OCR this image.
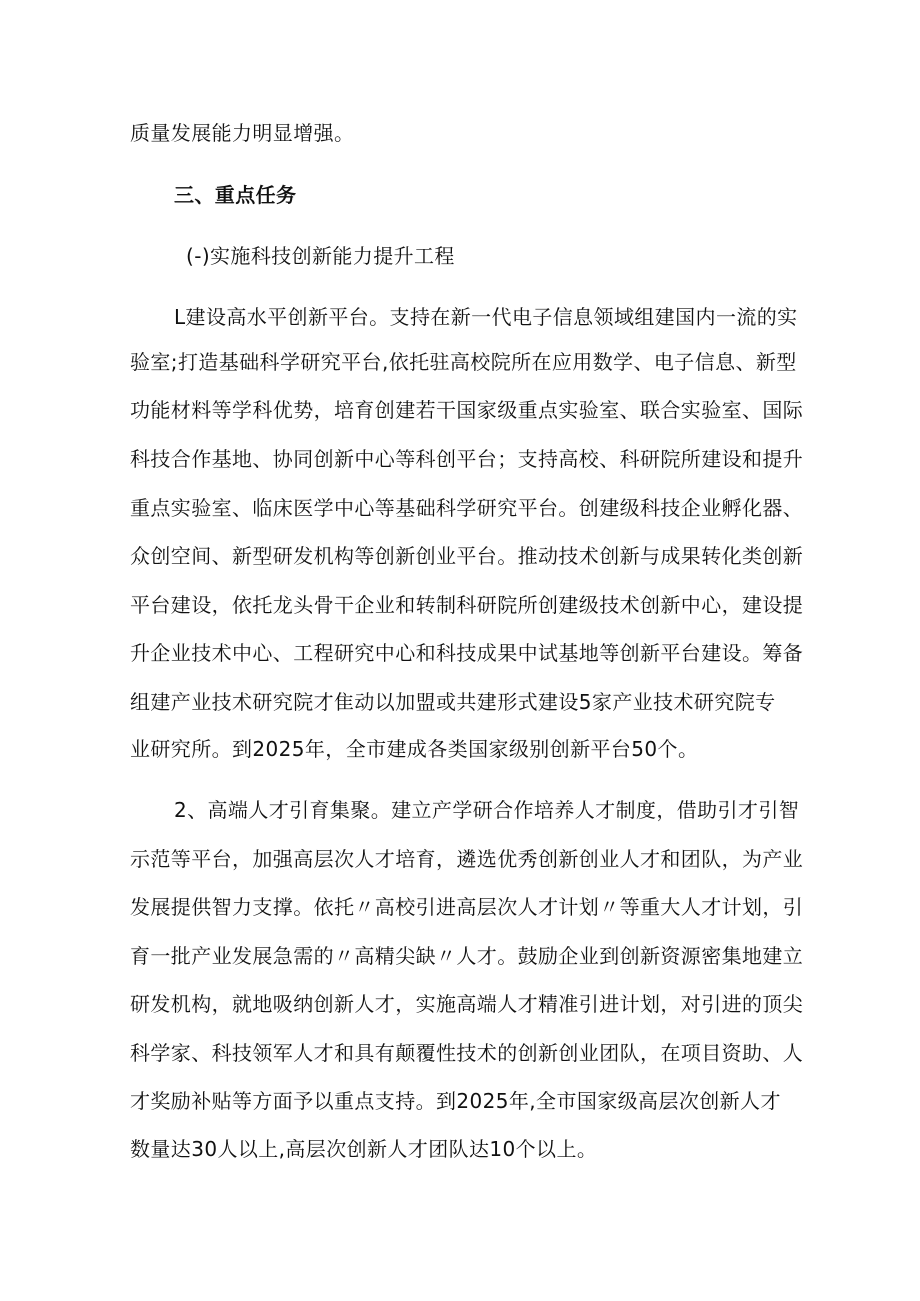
质量发展能力明显增强。
三、重点任务
(-)实施科技创新能力提升工程
L建设高水平创新平台。支持在新一代电子信息领域组建国内一流的实
验室;打造基础科学研究平台,依托驻高校院所在应用数学、电子信息、新型
功能材料等学科优势，培育创建若干国家级重点实验室、联合实验室、国际
科技合作基地、协同创新中心等科创平台；支持高校、科研院所建设和提升
重点实验室、临床医学中心等基础科学研究平台。创建级科技企业孵化器、
众创空间、新型研发机构等创新创业平台。推动技术创新与成果转化类创新
平台建设，依托龙头骨干企业和转制科研院所创建级技术创新中心，建设提
升企业技术中心、工程研究中心和科技成果中试基地等创新平台建设。筹备
组建产业技术研究院才隹动以加盟或共建形式建设5家产业技术研究院专
业研究所。到2025年，全市建成各类国家级别创新平台50个。
2、高端人才引育集聚。建立产学研合作培养人才制度，借助引才引智
示范等平台，加强高层次人才培育，遴选优秀创新创业人才和团队，为产业
发展提供智力支撑。依托〃高校引进高层次人才计划〃等重大人才计划，引
育一批产业发展急需的〃高精尖缺〃人才。鼓励企业到创新资源密集地建立
研发机构，就地吸纳创新人才，实施高端人才精准引进计划，对引进的顶尖
科学家、科技领军人才和具有颠覆性技术的创新创业团队，在项目资助、人
才奖励补贴等方面予以重点支持。到2025年,全市国家级高层次创新人才
数量达30人以上,高层次创新人才团队达10个以上。
